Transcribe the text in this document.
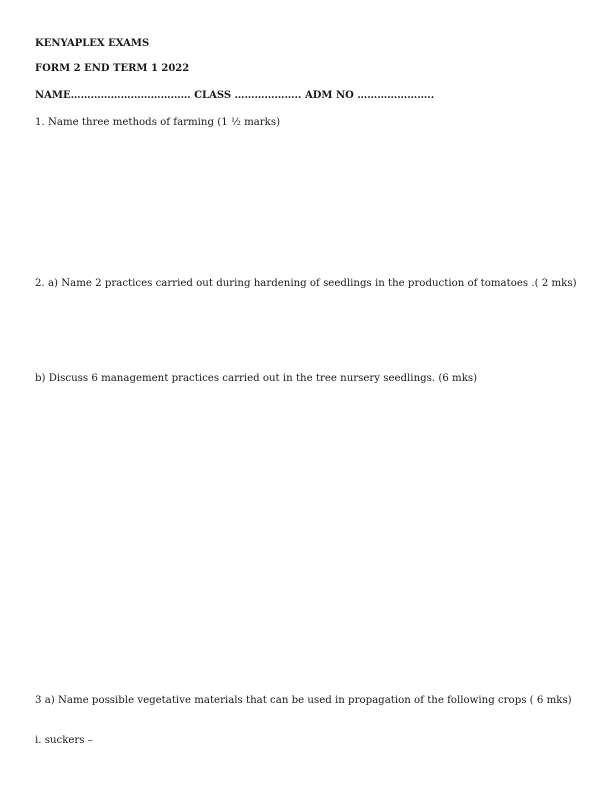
KENYAPLEX EXAMS
FORM 2 END TERM 1 2022
NAME……………………………… CLASS ……………….. ADM NO …………………..
1. Name three methods of farming (1 ½ marks)
2. a) Name 2 practices carried out during hardening of seedlings in the production of tomatoes .( 2 mks)
b) Discuss 6 management practices carried out in the tree nursery seedlings. (6 mks)
3 a) Name possible vegetative materials that can be used in propagation of the following crops ( 6 mks)
i. suckers –
